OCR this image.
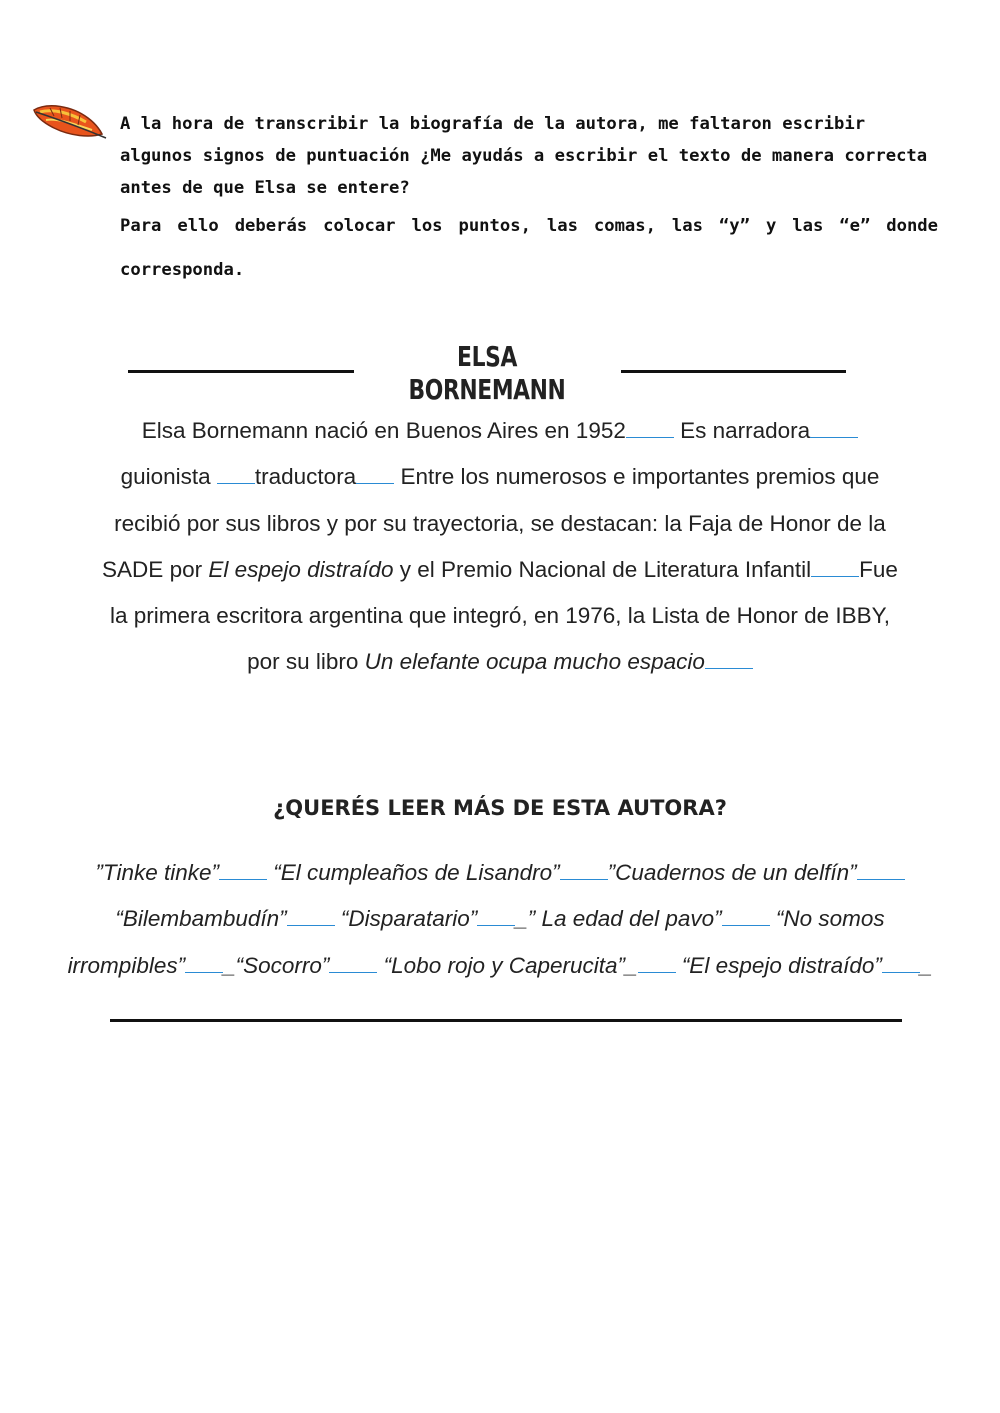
A la hora de transcribir la biografía de la autora, me faltaron escribir algunos signos de puntuación ¿Me ayudás a escribir el texto de manera correcta antes de que Elsa se entere?

Para ello deberás colocar los puntos, las comas, las “y” y las “e” donde corresponda.

ELSA BORNEMANN

Elsa Bornemann nació en Buenos Aires en 1952 Es narradora guionista traductora Entre los numerosos e importantes premios que recibió por sus libros y por su trayectoria, se destacan: la Faja de Honor de la SADE por El espejo distraído y el Premio Nacional de Literatura Infantil Fue la primera escritora argentina que integró, en 1976, la Lista de Honor de IBBY, por su libro Un elefante ocupa mucho espacio

¿QUERÉS LEER MÁS DE ESTA AUTORA?

”Tinke tinke” “El cumpleaños de Lisandro” ”Cuadernos de un delfín” “Bilembambudín” “Disparatario” _” La edad del pavo” “No somos irrompibles” _“Socorro” “Lobo rojo y Caperucita”_ “El espejo distraído” _
